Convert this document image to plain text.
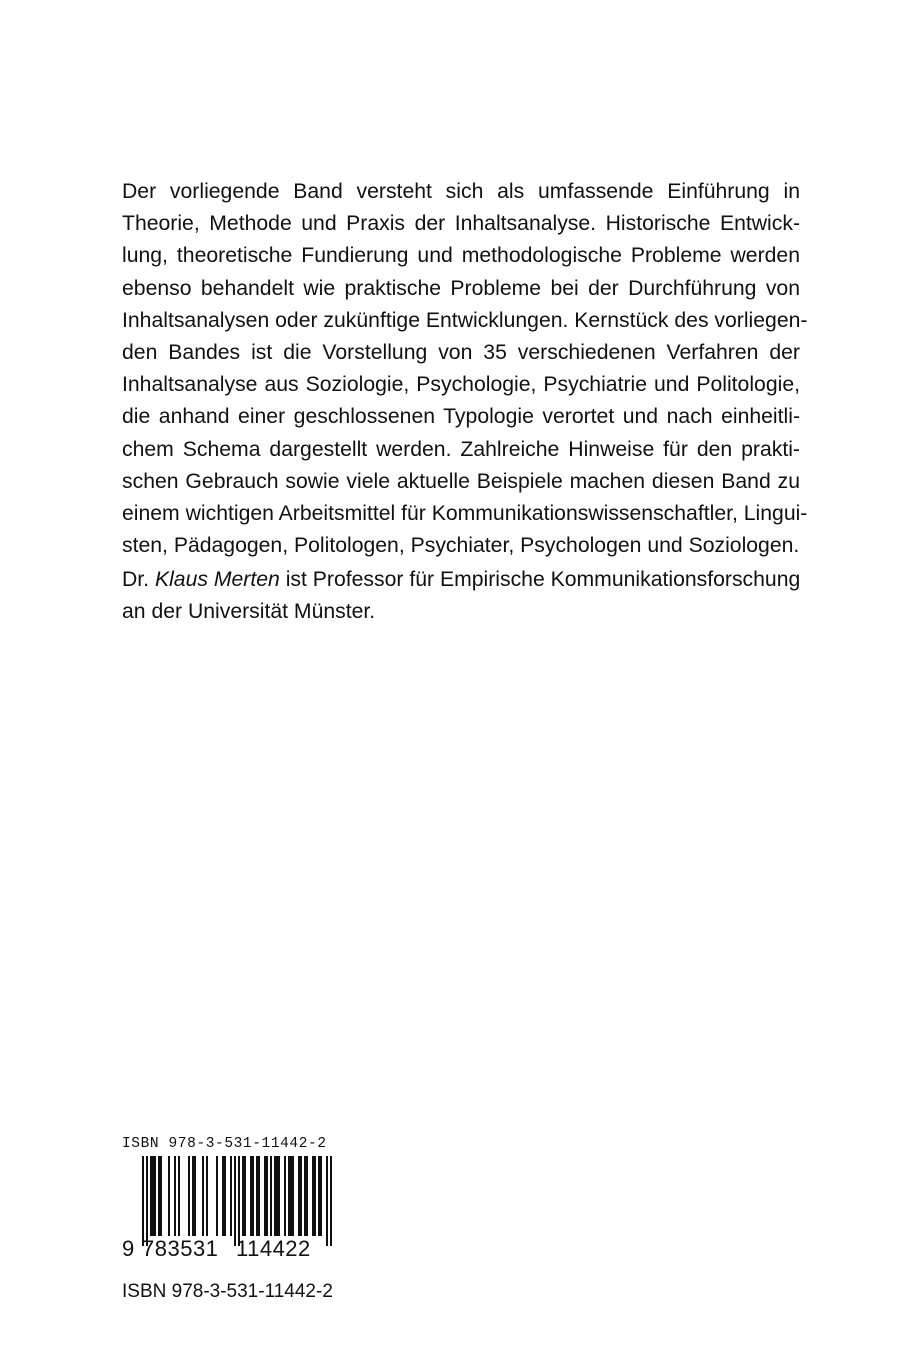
Der vorliegende Band versteht sich als umfassende Einführung in
Theorie, Methode und Praxis der Inhaltsanalyse. Historische Entwick-
lung, theoretische Fundierung und methodologische Probleme werden
ebenso behandelt wie praktische Probleme bei der Durchführung von
Inhaltsanalysen oder zukünftige Entwicklungen. Kernstück des vorliegen-
den Bandes ist die Vorstellung von 35 verschiedenen Verfahren der
Inhaltsanalyse aus Soziologie, Psychologie, Psychiatrie und Politologie,
die anhand einer geschlossenen Typologie verortet und nach einheitli-
chem Schema dargestellt werden. Zahlreiche Hinweise für den prakti-
schen Gebrauch sowie viele aktuelle Beispiele machen diesen Band zu
einem wichtigen Arbeitsmittel für Kommunikationswissenschaftler, Lingui-
sten, Pädagogen, Politologen, Psychiater, Psychologen und Soziologen.
Dr. Klaus Merten ist Professor für Empirische Kommunikationsforschung
an der Universität Münster.
ISBN 978-3-531-11442-2
9 783531 114422
ISBN 978-3-531-11442-2
